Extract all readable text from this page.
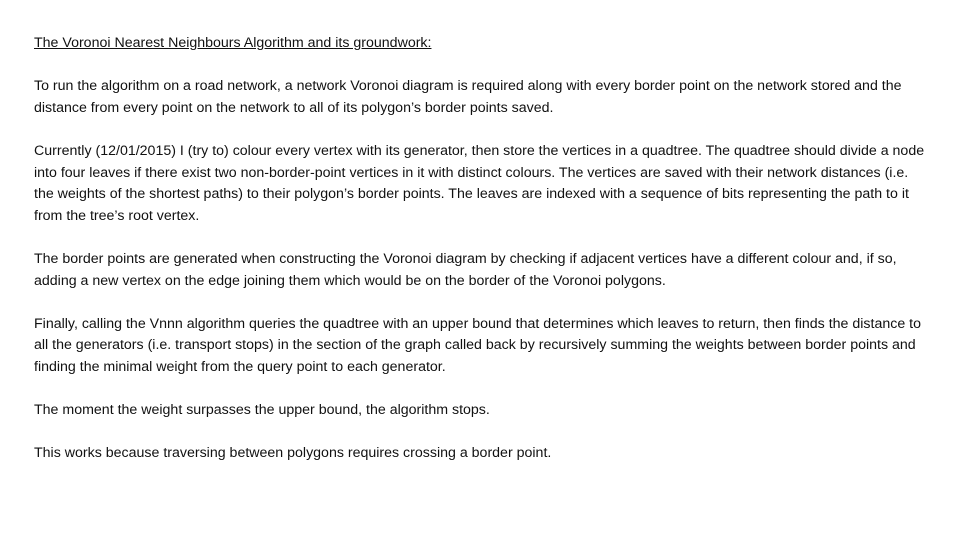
The Voronoi Nearest Neighbours Algorithm and its groundwork:

To run the algorithm on a road network, a network Voronoi diagram is required along with every border point on the network stored and the distance from every point on the network to all of its polygon’s border points saved.

Currently (12/01/2015) I (try to) colour every vertex with its generator, then store the vertices in a quadtree. The quadtree should divide a node into four leaves if there exist two non-border-point vertices in it with distinct colours. The vertices are saved with their network distances (i.e. the weights of the shortest paths) to their polygon’s border points. The leaves are indexed with a sequence of bits representing the path to it from the tree’s root vertex.

The border points are generated when constructing the Voronoi diagram by checking if adjacent vertices have a different colour and, if so, adding a new vertex on the edge joining them which would be on the border of the Voronoi polygons.

Finally, calling the Vnnn algorithm queries the quadtree with an upper bound that determines which leaves to return, then finds the distance to all the generators (i.e. transport stops) in the section of the graph called back by recursively summing the weights between border points and finding the minimal weight from the query point to each generator.

The moment the weight surpasses the upper bound, the algorithm stops.

This works because traversing between polygons requires crossing a border point.
